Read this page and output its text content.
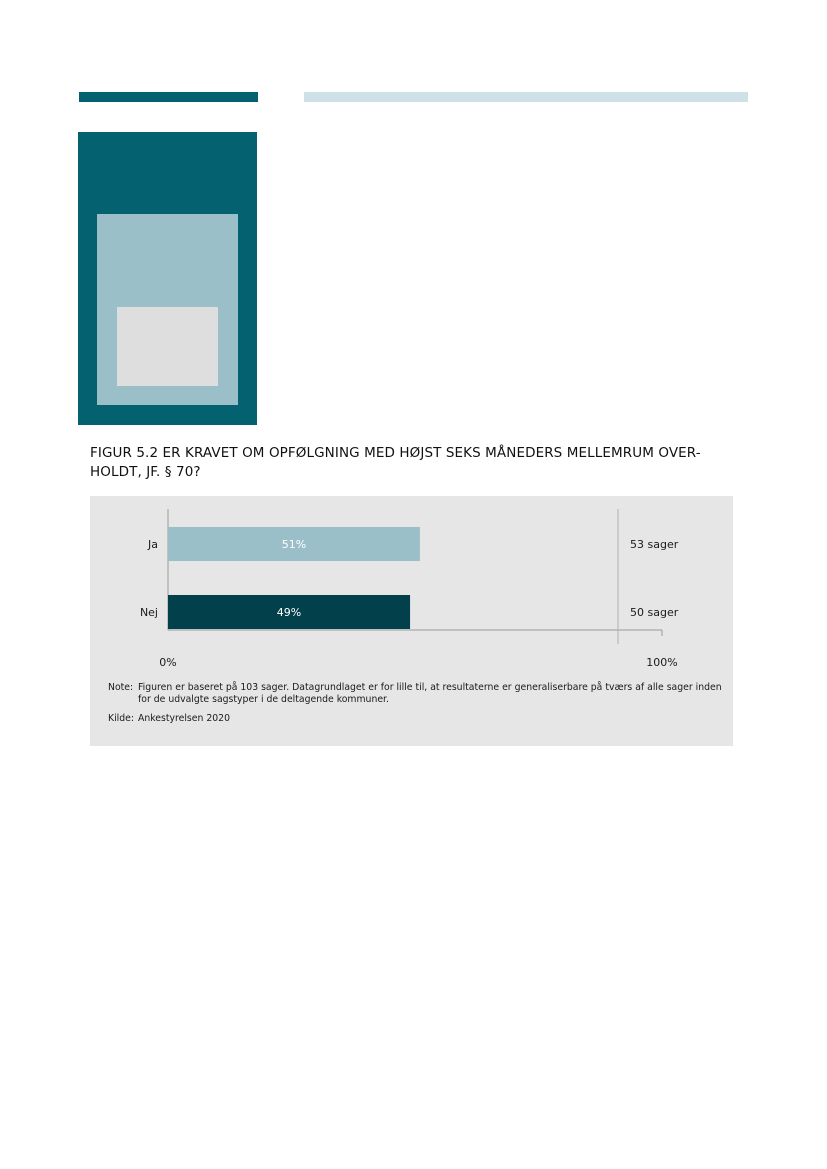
FIGUR 5.2 ER KRAVET OM OPFØLGNING MED HØJST SEKS MÅNEDERS MELLEMRUM OVER-
HOLDT, JF. § 70?
Ja	51%	53 sager
Nej	49%	50 sager
0%	100%
Note: Figuren er baseret på 103 sager. Datagrundlaget er for lille til, at resultaterne er generaliserbare på tværs af alle sager inden for de udvalgte sagstyper i de deltagende kommuner.
Kilde: Ankestyrelsen 2020
